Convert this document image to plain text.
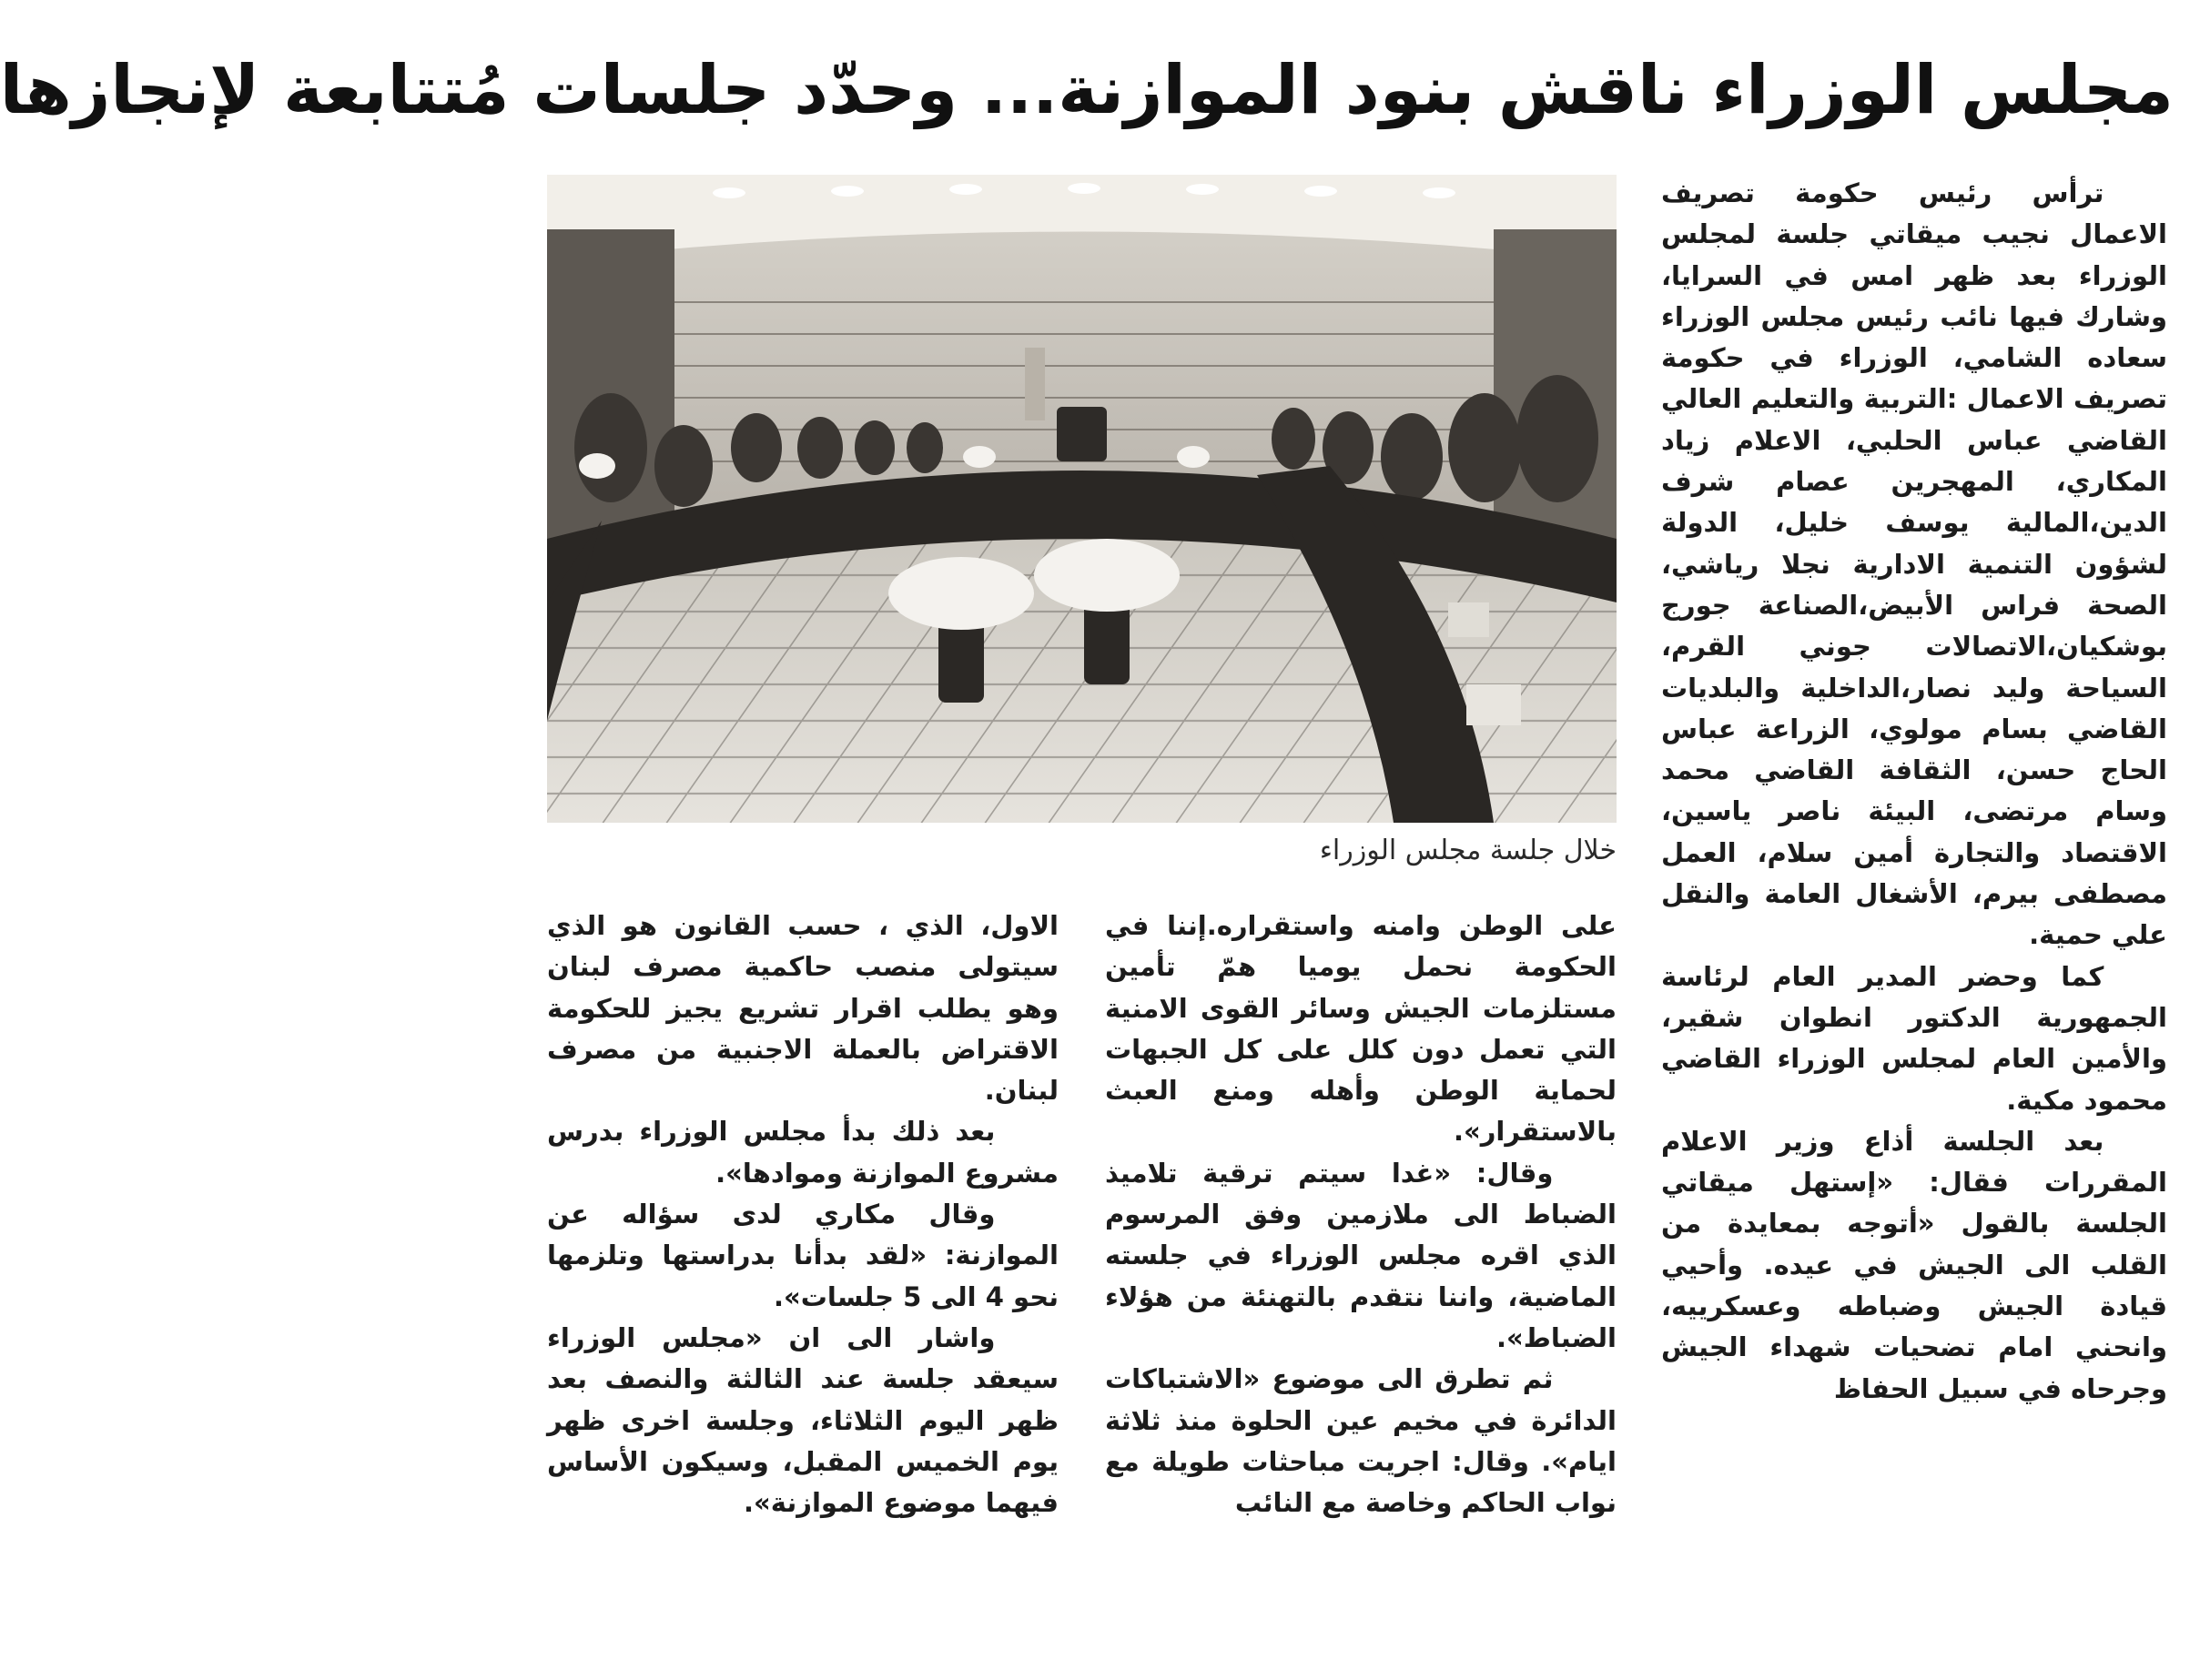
مجلس الوزراء ناقش بنود الموازنة... وحدّد جلسات مُتتابعة لإنجازها

ترأس رئيس حكومة تصريف الاعمال نجيب ميقاتي جلسة لمجلس الوزراء بعد ظهر امس في السرايا، وشارك فيها نائب رئيس مجلس الوزراء سعاده الشامي، الوزراء في حكومة تصريف الاعمال :التربية والتعليم العالي القاضي عباس الحلبي، الاعلام زياد المكاري، المهجرين عصام شرف الدين،المالية يوسف خليل، الدولة لشؤون التنمية الادارية نجلا رياشي، الصحة فراس الأبيض،الصناعة جورج بوشكيان،الاتصالات جوني القرم، السياحة وليد نصار،الداخلية والبلديات القاضي بسام مولوي، الزراعة عباس الحاج حسن، الثقافة القاضي محمد وسام مرتضى، البيئة ناصر ياسين، الاقتصاد والتجارة أمين سلام، العمل مصطفى بيرم، الأشغال العامة والنقل علي حمية.

كما وحضر المدير العام لرئاسة الجمهورية الدكتور انطوان شقير، والأمين العام لمجلس الوزراء القاضي محمود مكية.

بعد الجلسة أذاع وزير الاعلام المقررات فقال: «إستهل ميقاتي الجلسة بالقول «أتوجه بمعايدة من القلب الى الجيش في عيده. وأحيي قيادة الجيش وضباطه وعسكرييه، وانحني امام تضحيات شهداء الجيش وجرحاه في سبيل الحفاظ

خلال جلسة مجلس الوزراء

على الوطن وامنه واستقراره.إننا في الحكومة نحمل يوميا همّ تأمين مستلزمات الجيش وسائر القوى الامنية التي تعمل دون كلل على كل الجبهات لحماية الوطن وأهله ومنع العبث بالاستقرار».

وقال: «غدا سيتم ترقية تلاميذ الضباط الى ملازمين وفق المرسوم الذي اقره مجلس الوزراء في جلسته الماضية، واننا نتقدم بالتهنئة من هؤلاء الضباط».

ثم تطرق الى موضوع «الاشتباكات الدائرة في مخيم عين الحلوة منذ ثلاثة ايام». وقال: اجريت مباحثات طويلة مع نواب الحاكم وخاصة مع النائب

الاول، الذي ، حسب القانون هو الذي سيتولى منصب حاكمية مصرف لبنان وهو يطلب اقرار تشريع يجيز للحكومة الاقتراض بالعملة الاجنبية من مصرف لبنان.

بعد ذلك بدأ مجلس الوزراء بدرس مشروع الموازنة وموادها».

وقال مكاري لدى سؤاله عن الموازنة: «لقد بدأنا بدراستها وتلزمها نحو 4 الى 5 جلسات».

واشار الى ان «مجلس الوزراء سيعقد جلسة عند الثالثة والنصف بعد ظهر اليوم الثلاثاء، وجلسة اخرى ظهر يوم الخميس المقبل، وسيكون الأساس فيهما موضوع الموازنة».
